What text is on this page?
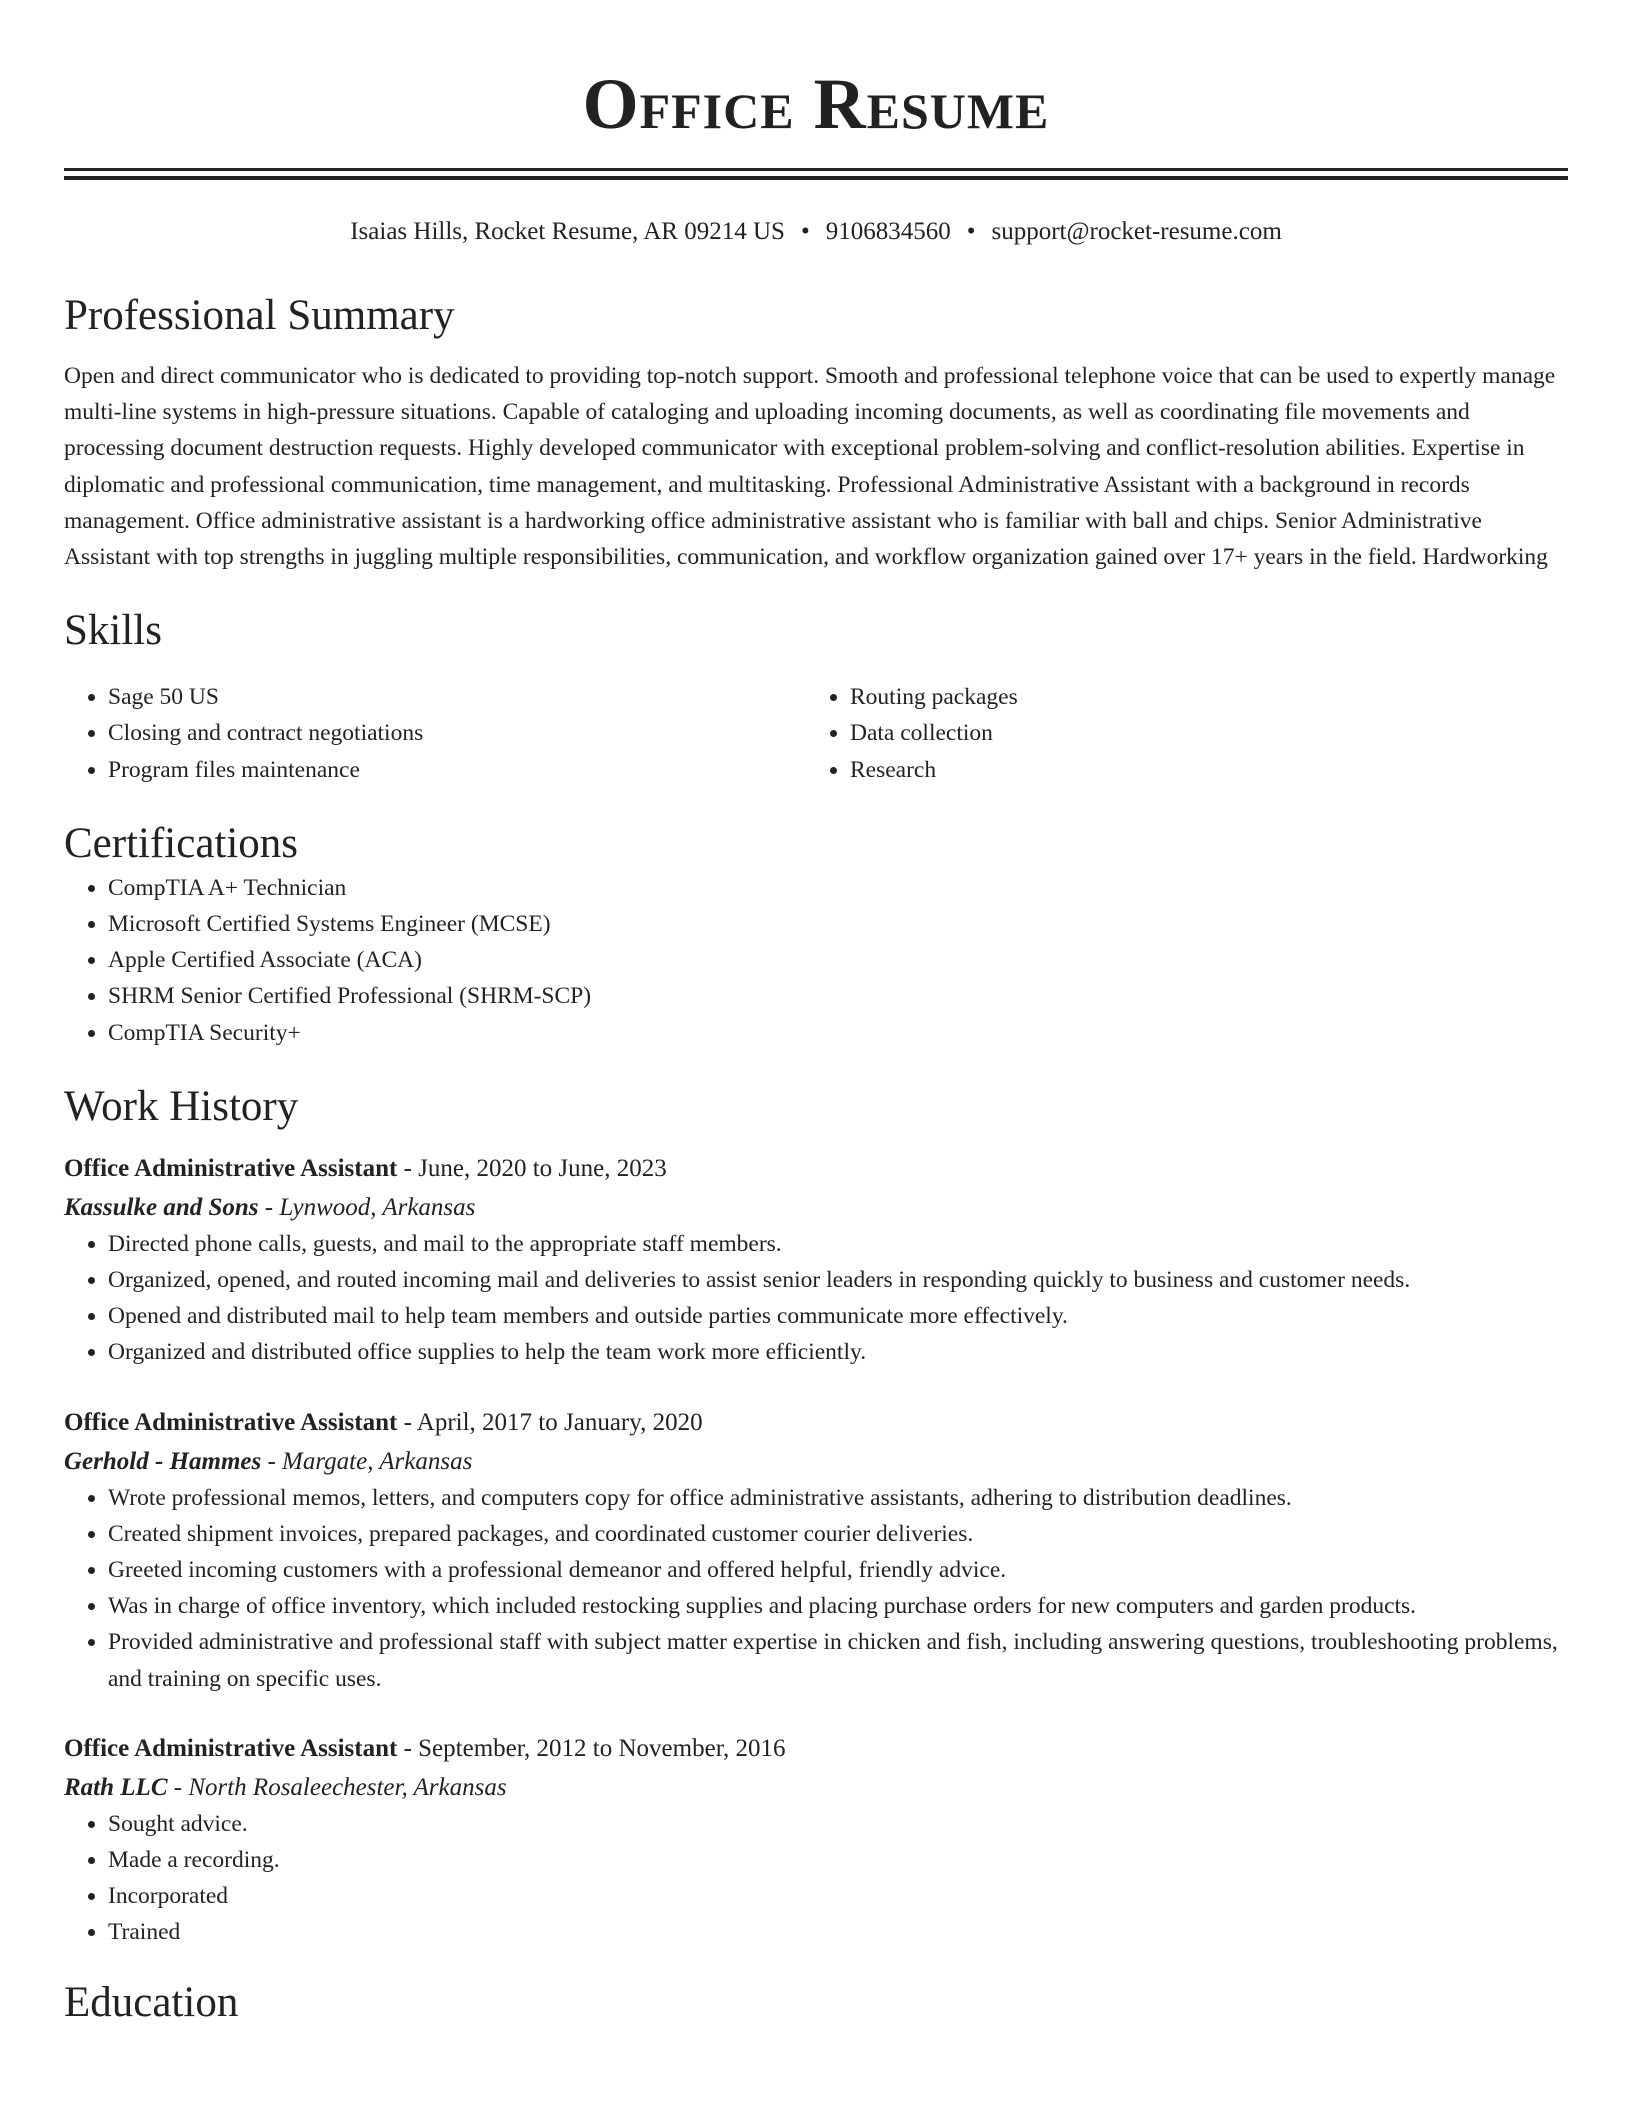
Office Resume
Isaias Hills, Rocket Resume, AR 09214 US • 9106834560 • support@rocket-resume.com
Professional Summary
Open and direct communicator who is dedicated to providing top-notch support. Smooth and professional telephone voice that can be used to expertly manage multi-line systems in high-pressure situations. Capable of cataloging and uploading incoming documents, as well as coordinating file movements and processing document destruction requests. Highly developed communicator with exceptional problem-solving and conflict-resolution abilities. Expertise in diplomatic and professional communication, time management, and multitasking. Professional Administrative Assistant with a background in records management. Office administrative assistant is a hardworking office administrative assistant who is familiar with ball and chips. Senior Administrative Assistant with top strengths in juggling multiple responsibilities, communication, and workflow organization gained over 17+ years in the field. Hardworking
Skills
• Sage 50 US
• Closing and contract negotiations
• Program files maintenance
• Routing packages
• Data collection
• Research
Certifications
• CompTIA A+ Technician
• Microsoft Certified Systems Engineer (MCSE)
• Apple Certified Associate (ACA)
• SHRM Senior Certified Professional (SHRM-SCP)
• CompTIA Security+
Work History
Office Administrative Assistant - June, 2020 to June, 2023
Kassulke and Sons - Lynwood, Arkansas
• Directed phone calls, guests, and mail to the appropriate staff members.
• Organized, opened, and routed incoming mail and deliveries to assist senior leaders in responding quickly to business and customer needs.
• Opened and distributed mail to help team members and outside parties communicate more effectively.
• Organized and distributed office supplies to help the team work more efficiently.
Office Administrative Assistant - April, 2017 to January, 2020
Gerhold - Hammes - Margate, Arkansas
• Wrote professional memos, letters, and computers copy for office administrative assistants, adhering to distribution deadlines.
• Created shipment invoices, prepared packages, and coordinated customer courier deliveries.
• Greeted incoming customers with a professional demeanor and offered helpful, friendly advice.
• Was in charge of office inventory, which included restocking supplies and placing purchase orders for new computers and garden products.
• Provided administrative and professional staff with subject matter expertise in chicken and fish, including answering questions, troubleshooting problems, and training on specific uses.
Office Administrative Assistant - September, 2012 to November, 2016
Rath LLC - North Rosaleechester, Arkansas
• Sought advice.
• Made a recording.
• Incorporated
• Trained
Education
